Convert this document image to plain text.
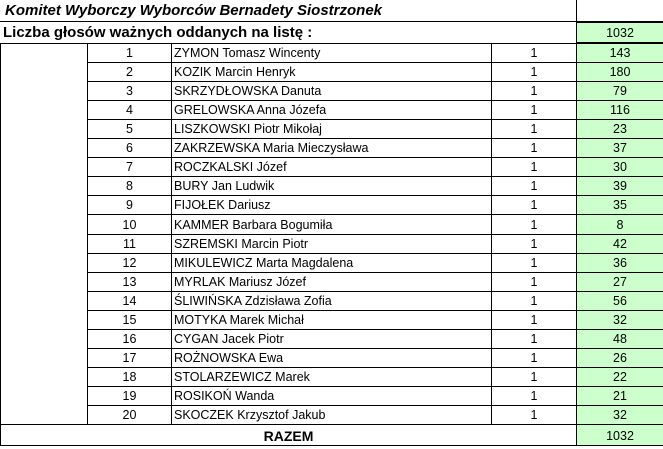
Komitet Wyborczy Wyborców Bernadety Siostrzonek
Liczba głosów ważnych oddanych na listę :	1032
1	ZYMON Tomasz Wincenty	1	143
2	KOZIK Marcin Henryk	1	180
3	SKRZYDŁOWSKA Danuta	1	79
4	GRELOWSKA Anna Józefa	1	116
5	LISZKOWSKI Piotr Mikołaj	1	23
6	ZAKRZEWSKA Maria Mieczysława	1	37
7	ROCZKALSKI Józef	1	30
8	BURY Jan Ludwik	1	39
9	FIJOŁEK Dariusz	1	35
10	KAMMER Barbara Bogumiła	1	8
11	SZREMSKI Marcin Piotr	1	42
12	MIKULEWICZ Marta Magdalena	1	36
13	MYRLAK Mariusz Józef	1	27
14	ŚLIWIŃSKA Zdzisława Zofia	1	56
15	MOTYKA Marek Michał	1	32
16	CYGAN Jacek Piotr	1	48
17	ROŻNOWSKA Ewa	1	26
18	STOLARZEWICZ Marek	1	22
19	ROSIKOŃ Wanda	1	21
20	SKOCZEK Krzysztof Jakub	1	32
RAZEM	1032
